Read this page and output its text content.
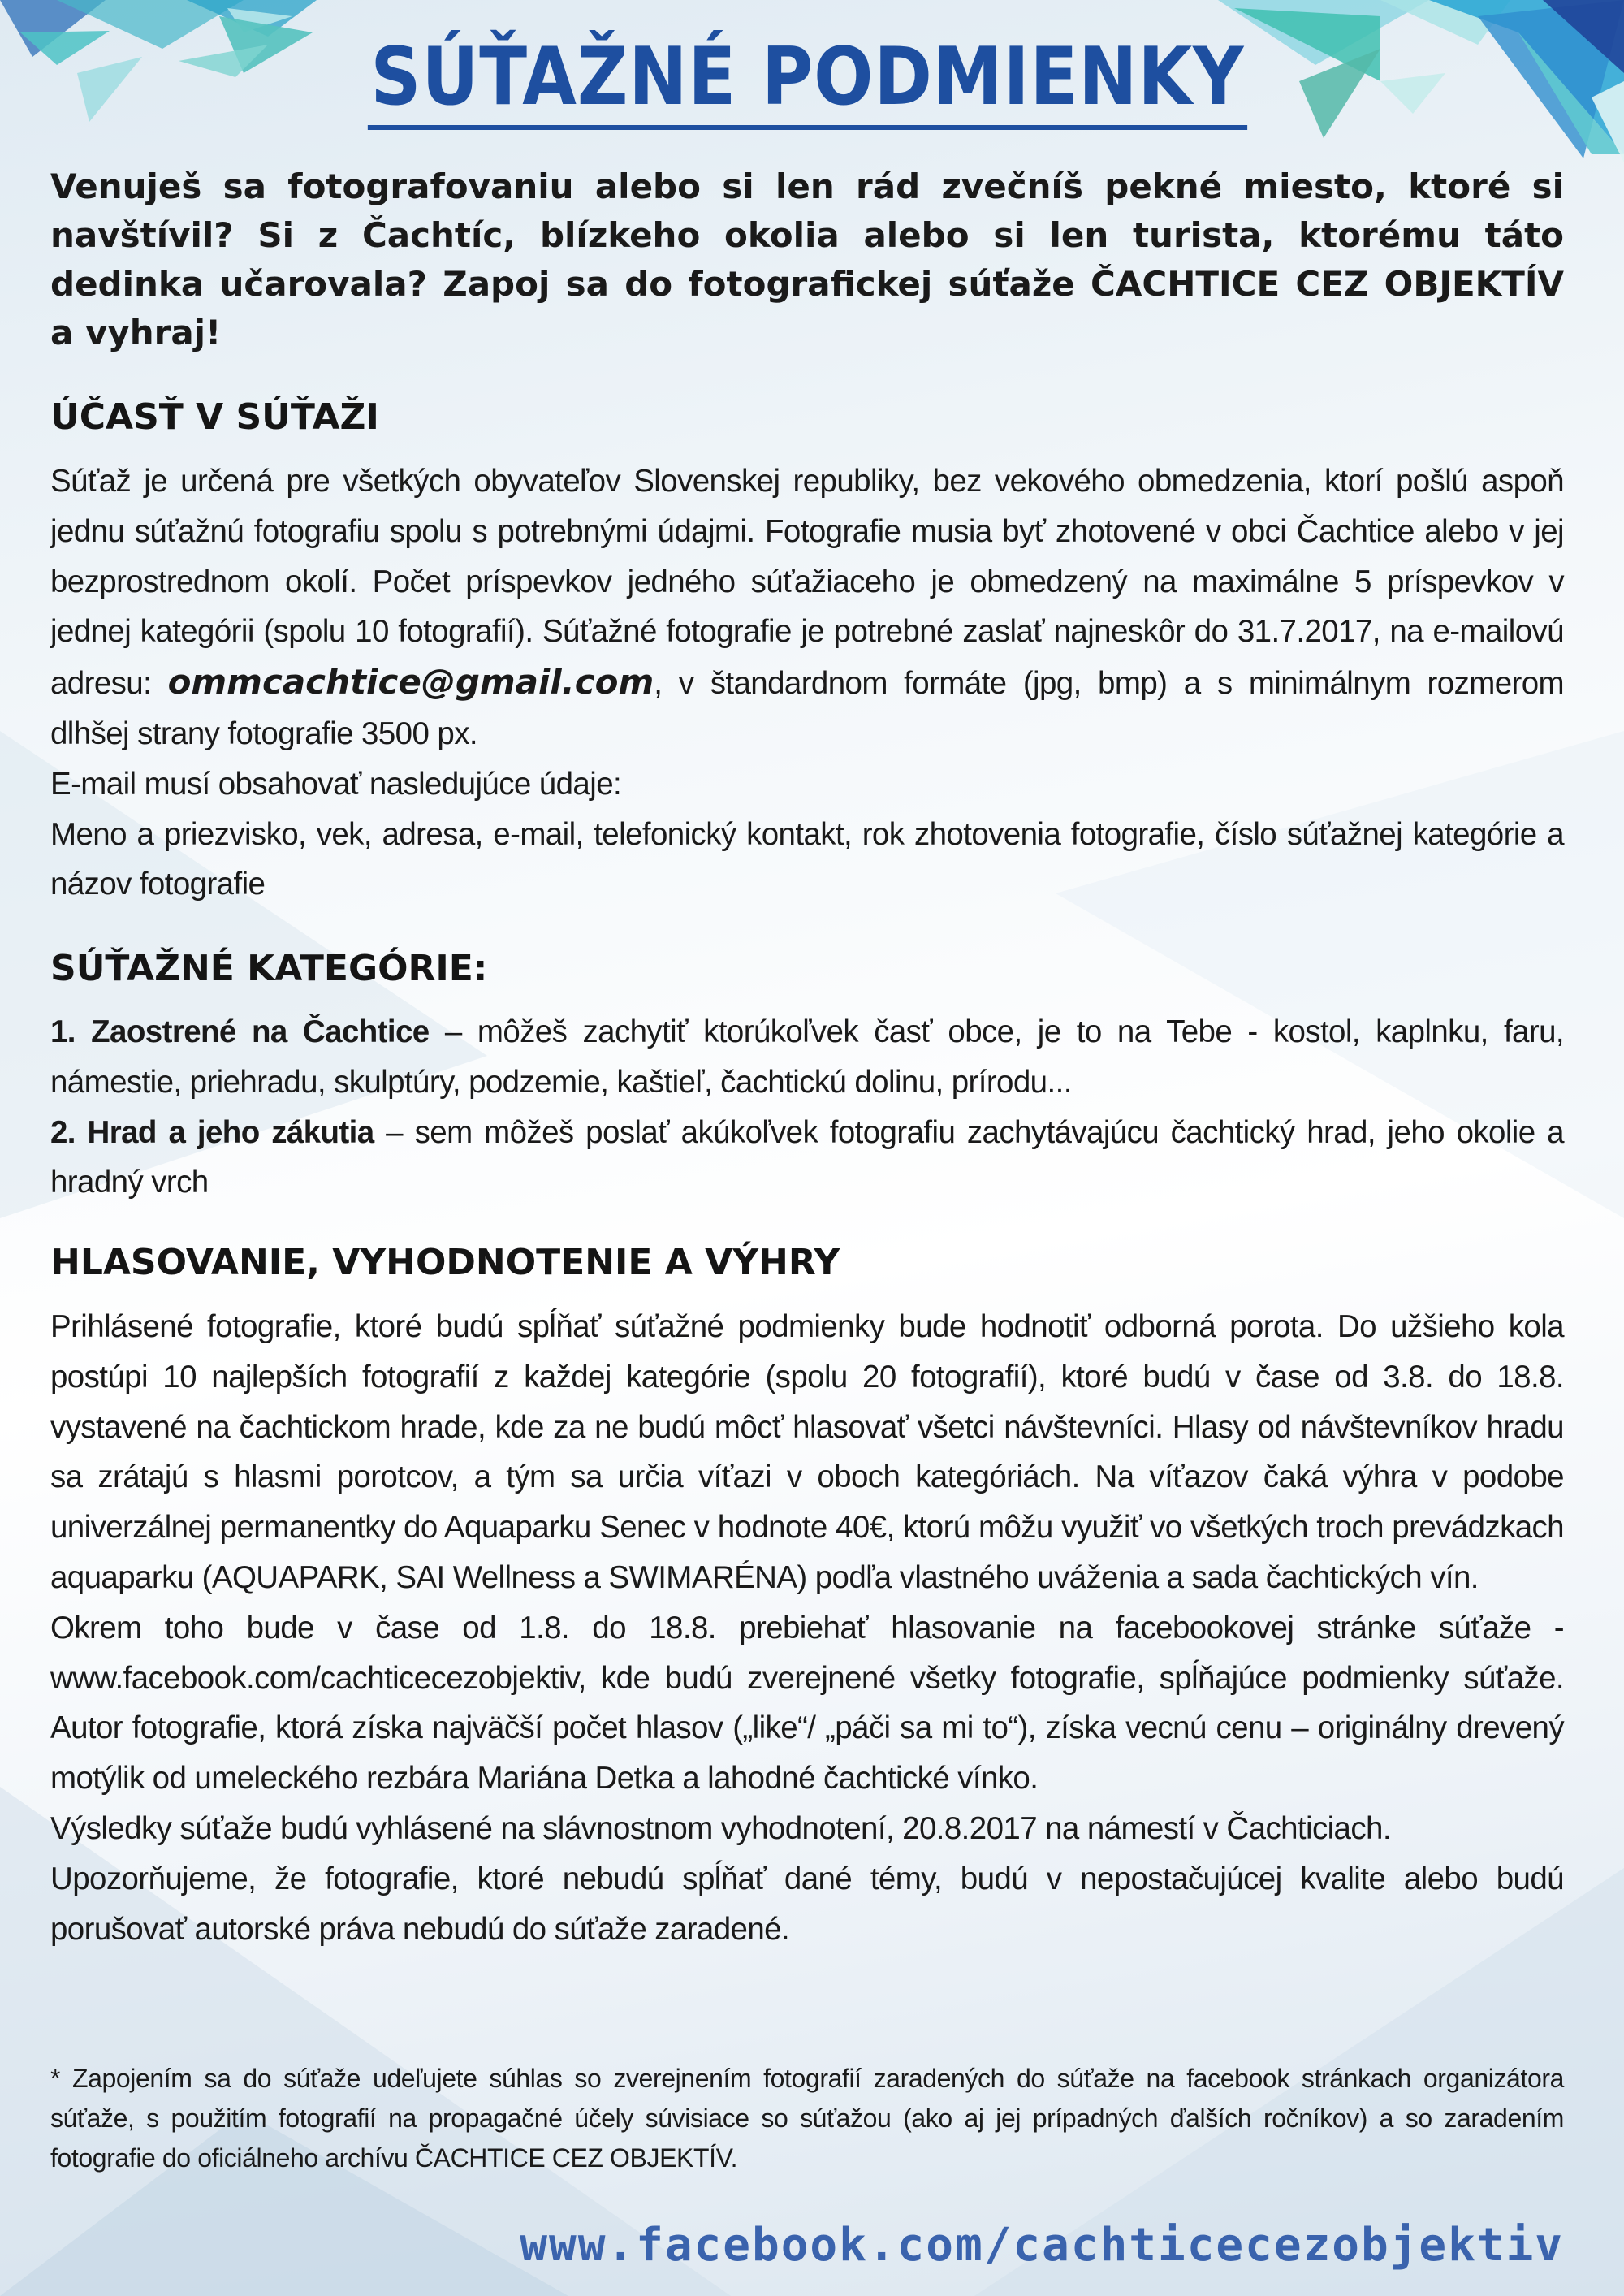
SÚŤAŽNÉ PODMIENKY
Venuješ sa fotografovaniu alebo si len rád zvečníš pekné miesto, ktoré si navštívil? Si z Čachtíc, blízkeho okolia alebo si len turista, ktorému táto dedinka učarovala? Zapoj sa do fotografickej súťaže ČACHTICE CEZ OBJEKTÍV a vyhraj!
ÚČASŤ V SÚŤAŽI

Súťaž je určená pre všetkých obyvateľov Slovenskej republiky, bez vekového obmedzenia, ktorí pošlú aspoň jednu súťažnú fotografiu spolu s potrebnými údajmi. Fotografie musia byť zhotovené v obci Čachtice alebo v jej bezprostrednom okolí. Počet príspevkov jedného súťažiaceho je obmedzený na maximálne 5 príspevkov v jednej kategórii (spolu 10 fotografií). Súťažné fotografie je potrebné zaslať najneskôr do 31.7.2017, na e-mailovú adresu: ommcachtice@gmail.com, v štandardnom formáte (jpg, bmp) a s minimálnym rozmerom dlhšej strany fotografie 3500 px.

E-mail musí obsahovať nasledujúce údaje:

Meno a priezvisko, vek, adresa, e-mail, telefonický kontakt, rok zhotovenia fotografie, číslo súťažnej kategórie a názov fotografie

SÚŤAŽNÉ KATEGÓRIE:

1. Zaostrené na Čachtice – môžeš zachytiť ktorúkoľvek časť obce, je to na Tebe - kostol, kaplnku, faru, námestie, priehradu, skulptúry, podzemie, kaštieľ, čachtickú dolinu, prírodu...

2. Hrad a jeho zákutia – sem môžeš poslať akúkoľvek fotografiu zachytávajúcu čachtický hrad, jeho okolie a hradný vrch

HLASOVANIE, VYHODNOTENIE A VÝHRY

Prihlásené fotografie, ktoré budú spĺňať súťažné podmienky bude hodnotiť odborná porota. Do užšieho kola postúpi 10 najlepších fotografií z každej kategórie (spolu 20 fotografií), ktoré budú v čase od 3.8. do 18.8. vystavené na čachtickom hrade, kde za ne budú môcť hlasovať všetci návštevníci. Hlasy od návštevníkov hradu sa zrátajú s hlasmi porotcov, a tým sa určia víťazi v oboch kategóriách. Na víťazov čaká výhra v podobe univerzálnej permanentky do Aquaparku Senec v hodnote 40€, ktorú môžu využiť vo všetkých troch prevádzkach aquaparku (AQUAPARK, SAI Wellness a SWIMARÉNA) podľa vlastného uváženia a sada čachtických vín.

Okrem toho bude v čase od 1.8. do 18.8. prebiehať hlasovanie na facebookovej stránke súťaže - www.facebook.com/cachticecezobjektiv, kde budú zverejnené všetky fotografie, spĺňajúce podmienky súťaže. Autor fotografie, ktorá získa najväčší počet hlasov („like“/ „páči sa mi to“), získa vecnú cenu – originálny drevený motýlik od umeleckého rezbára Mariána Detka a lahodné čachtické vínko.

Výsledky súťaže budú vyhlásené na slávnostnom vyhodnotení, 20.8.2017 na námestí v Čachticiach.

Upozorňujeme, že fotografie, ktoré nebudú spĺňať dané témy, budú v nepostačujúcej kvalite alebo budú porušovať autorské práva nebudú do súťaže zaradené.

* Zapojením sa do súťaže udeľujete súhlas so zverejnením fotografií zaradených do súťaže na facebook stránkach organizátora súťaže, s použitím fotografií na propagačné účely súvisiace so súťažou (ako aj jej prípadných ďalších ročníkov) a so zaradením fotografie do oficiálneho archívu ČACHTICE CEZ OBJEKTÍV.
www.facebook.com/cachticecezobjektiv
